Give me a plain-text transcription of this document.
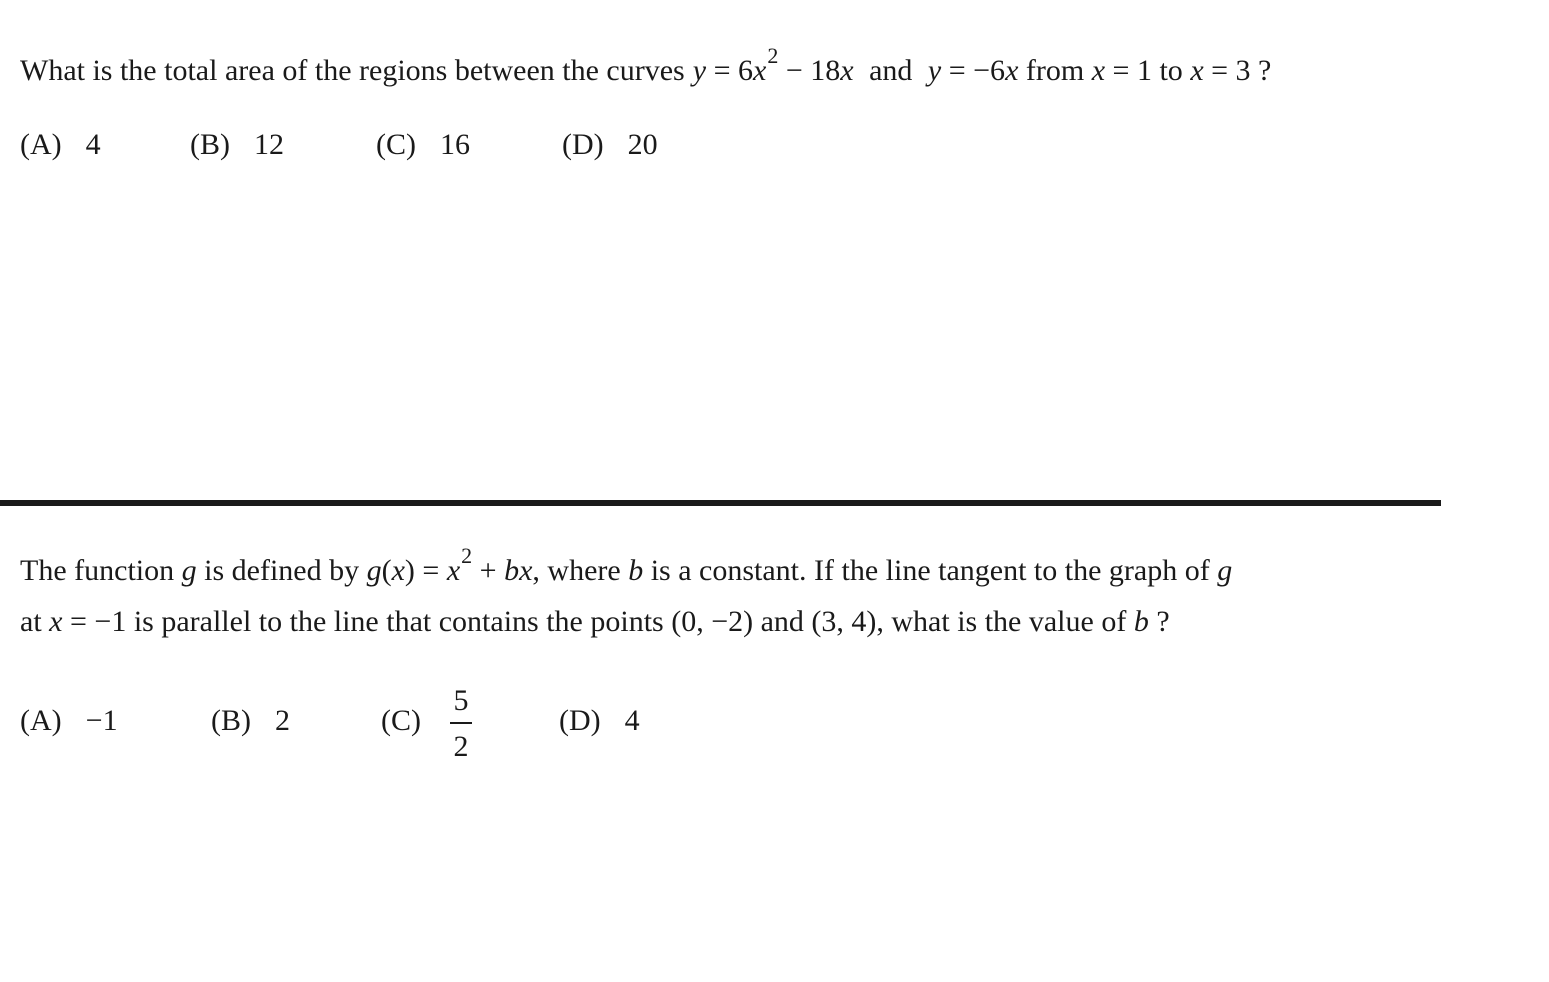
What is the total area of the regions between the curves $y = 6x^2 - 18x$ and y = −6x from x = 1 to x = 3 ?
(A) 4	(B) 12	(C) 16	(D) 20
The function g is defined by $g(x) = x^2$ + bx, where b is a constant. If the line tangent to the graph of g
at x = −1 is parallel to the line that contains the points (0, −2) and (3, 4), what is the value of b ?
(A) −1	(B) 2	(C)
5
2
(D) 4
